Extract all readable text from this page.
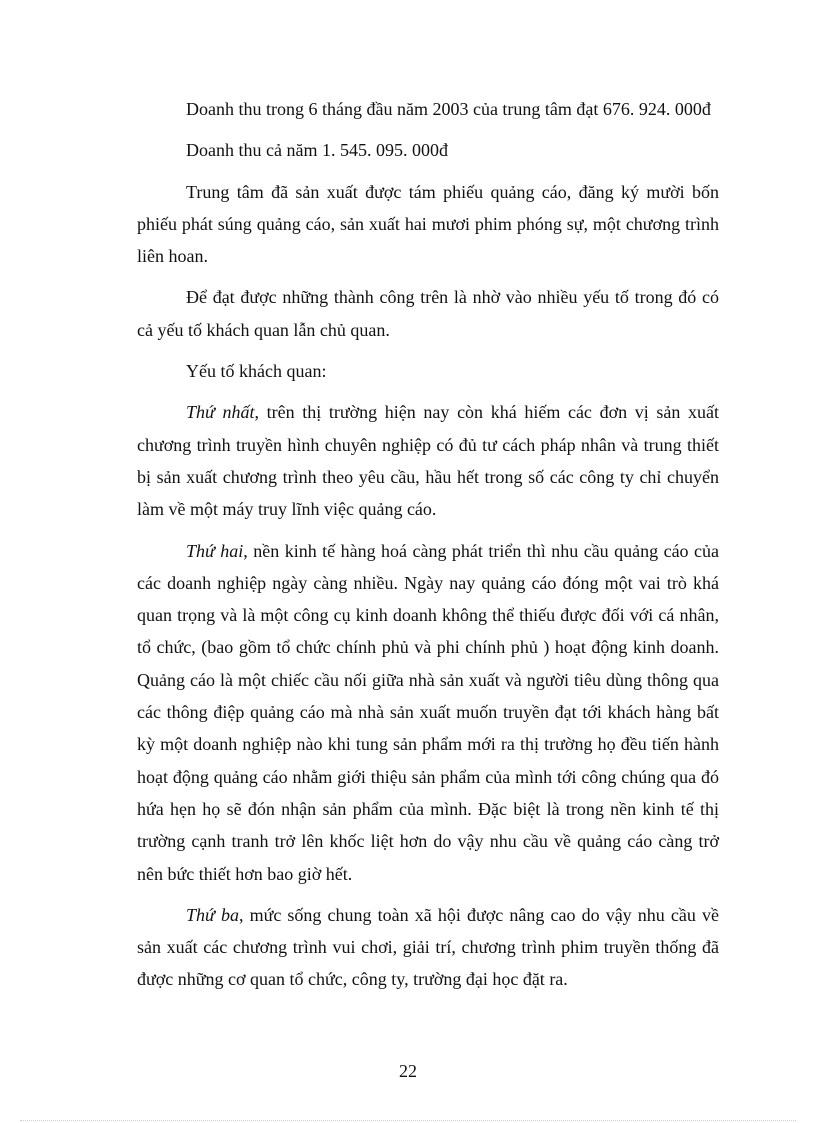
Doanh thu trong 6 tháng đầu năm 2003 của trung tâm đạt 676. 924. 000đ

Doanh thu cả năm 1. 545. 095. 000đ

Trung tâm đã sản xuất được tám phiếu quảng cáo, đăng ký mười bốn phiếu phát súng quảng cáo, sản xuất hai mươi phim phóng sự, một chương trình liên hoan.

Để đạt được những thành công trên là nhờ vào nhiều yếu tố trong đó có cả yếu tố khách quan lẫn chủ quan.

Yếu tố khách quan:

Thứ nhất, trên thị trường hiện nay còn khá hiếm các đơn vị sản xuất chương trình truyền hình chuyên nghiệp có đủ tư cách pháp nhân và trung thiết bị sản xuất chương trình theo yêu cầu, hầu hết trong số các công ty chỉ chuyển làm về một máy truy lĩnh việc quảng cáo.

Thứ hai, nền kinh tế hàng hoá càng phát triển thì nhu cầu quảng cáo của các doanh nghiệp ngày càng nhiều. Ngày nay quảng cáo đóng một vai trò khá quan trọng và là một công cụ kinh doanh không thể thiếu được đối với cá nhân, tổ chức, (bao gồm tổ chức chính phủ và phi chính phủ ) hoạt động kinh doanh. Quảng cáo là một chiếc cầu nối giữa nhà sản xuất và người tiêu dùng thông qua các thông điệp quảng cáo mà nhà sản xuất muốn truyền đạt tới khách hàng bất kỳ một doanh nghiệp nào khi tung sản phẩm mới ra thị trường họ đều tiến hành hoạt động quảng cáo nhằm giới thiệu sản phẩm của mình tới công chúng qua đó hứa hẹn họ sẽ đón nhận sản phẩm của mình. Đặc biệt là trong nền kinh tế thị trường cạnh tranh trở lên khốc liệt hơn do vậy nhu cầu về quảng cáo càng trở nên bức thiết hơn bao giờ hết.

Thứ ba, mức sống chung toàn xã hội được nâng cao do vậy nhu cầu về sản xuất các chương trình vui chơi, giải trí, chương trình phim truyền thống đã được những cơ quan tổ chức, công ty, trường đại học đặt ra.

22
